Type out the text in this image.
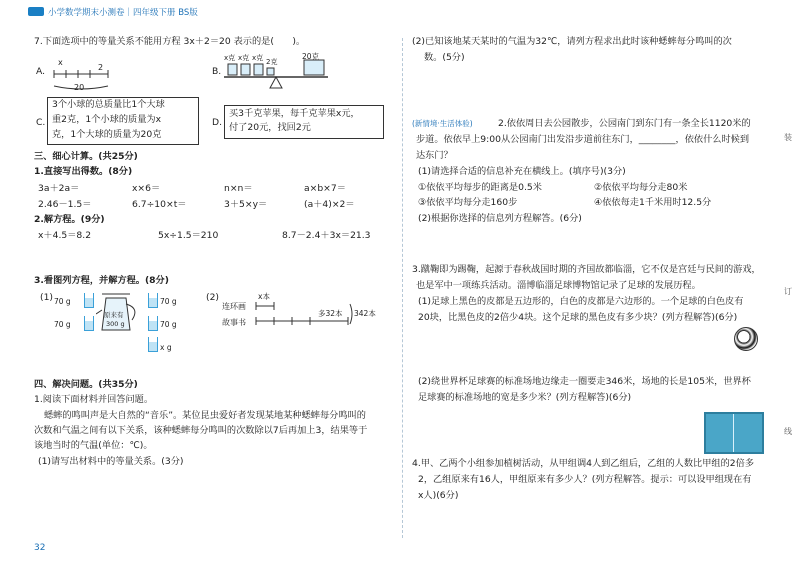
小学数学期末小测卷｜四年级下册 BS版
7.下面选项中的等量关系不能用方程 3x＋2＝20 表示的是(　　)。
A.
x
2
20
B.
x克 x克 x克 2克
20克
C.
3个小球的总质量比1个大球
重2克，1个小球的质量为x
克，1个大球的质量为20克
D.
买3千克苹果，每千克苹果x元，
付了20元，找回2元
三、细心计算。(共25分)
1.直接写出得数。(8分)
3a＋2a＝	x×6＝	n×n＝	a×b×7＝
2.46－1.5＝	6.7÷10×t＝	3＋5×y＝	(a＋4)×2＝
2.解方程。(9分)
x＋4.5＝8.2	5x÷1.5＝210	8.7－2.4＋3x＝21.3
3.看图列方程，并解方程。(8分)
(1) 70 g
70 g
原来有
300 g
70 g
70 g
x g
(2)
连环画
故事书
x本
多32本 342本
四、解决问题。(共35分)
1.阅读下面材料并回答问题。
蟋蟀的鸣叫声是大自然的“音乐”。某位昆虫爱好者发现某地某种蟋蟀每分鸣叫的
次数和气温之间有以下关系，该种蟋蟀每分鸣叫的次数除以7后再加上3，结果等于
该地当时的气温(单位：℃)。
(1)请写出材料中的等量关系。(3分)
32
(2)已知该地某天某时的气温为32℃，请列方程求出此时该种蟋蟀每分鸣叫的次
数。(5分)
(新情境·生活体验)	2.依依周日去公园散步，公园南门到东门有一条全长1120米的
步道。依依早上9:00从公园南门出发沿步道前往东门，________，依依什么时候到
达东门？
(1)请选择合适的信息补充在横线上。(填序号)(3分)
①依依平均每步的距离是0.5米	②依依平均每分走80米
③依依平均每分走160步	④依依每走1千米用时12.5分
(2)根据你选择的信息列方程解答。(6分)
3.蹴鞠即为踢鞠，起源于春秋战国时期的齐国故都临淄，它不仅是宫廷与民间的游戏，
也是军中一项练兵活动。淄博临淄足球博物馆记录了足球的发展历程。
(1)足球上黑色的皮都是五边形的，白色的皮都是六边形的。一个足球的白色皮有
20块，比黑色皮的2倍少4块。这个足球的黑色皮有多少块？(列方程解答)(6分)
(2)绕世界杯足球赛的标准场地边缘走一圈要走346米，场地的长是105米，世界杯
足球赛的标准场地的宽是多少米？(列方程解答)(6分)
4.甲、乙两个小组参加植树活动，从甲组调4人到乙组后，乙组的人数比甲组的2倍多
2，乙组原来有16人，甲组原来有多少人？(列方程解答。提示：可以设甲组现在有
x人)(6分)
装
订
线
